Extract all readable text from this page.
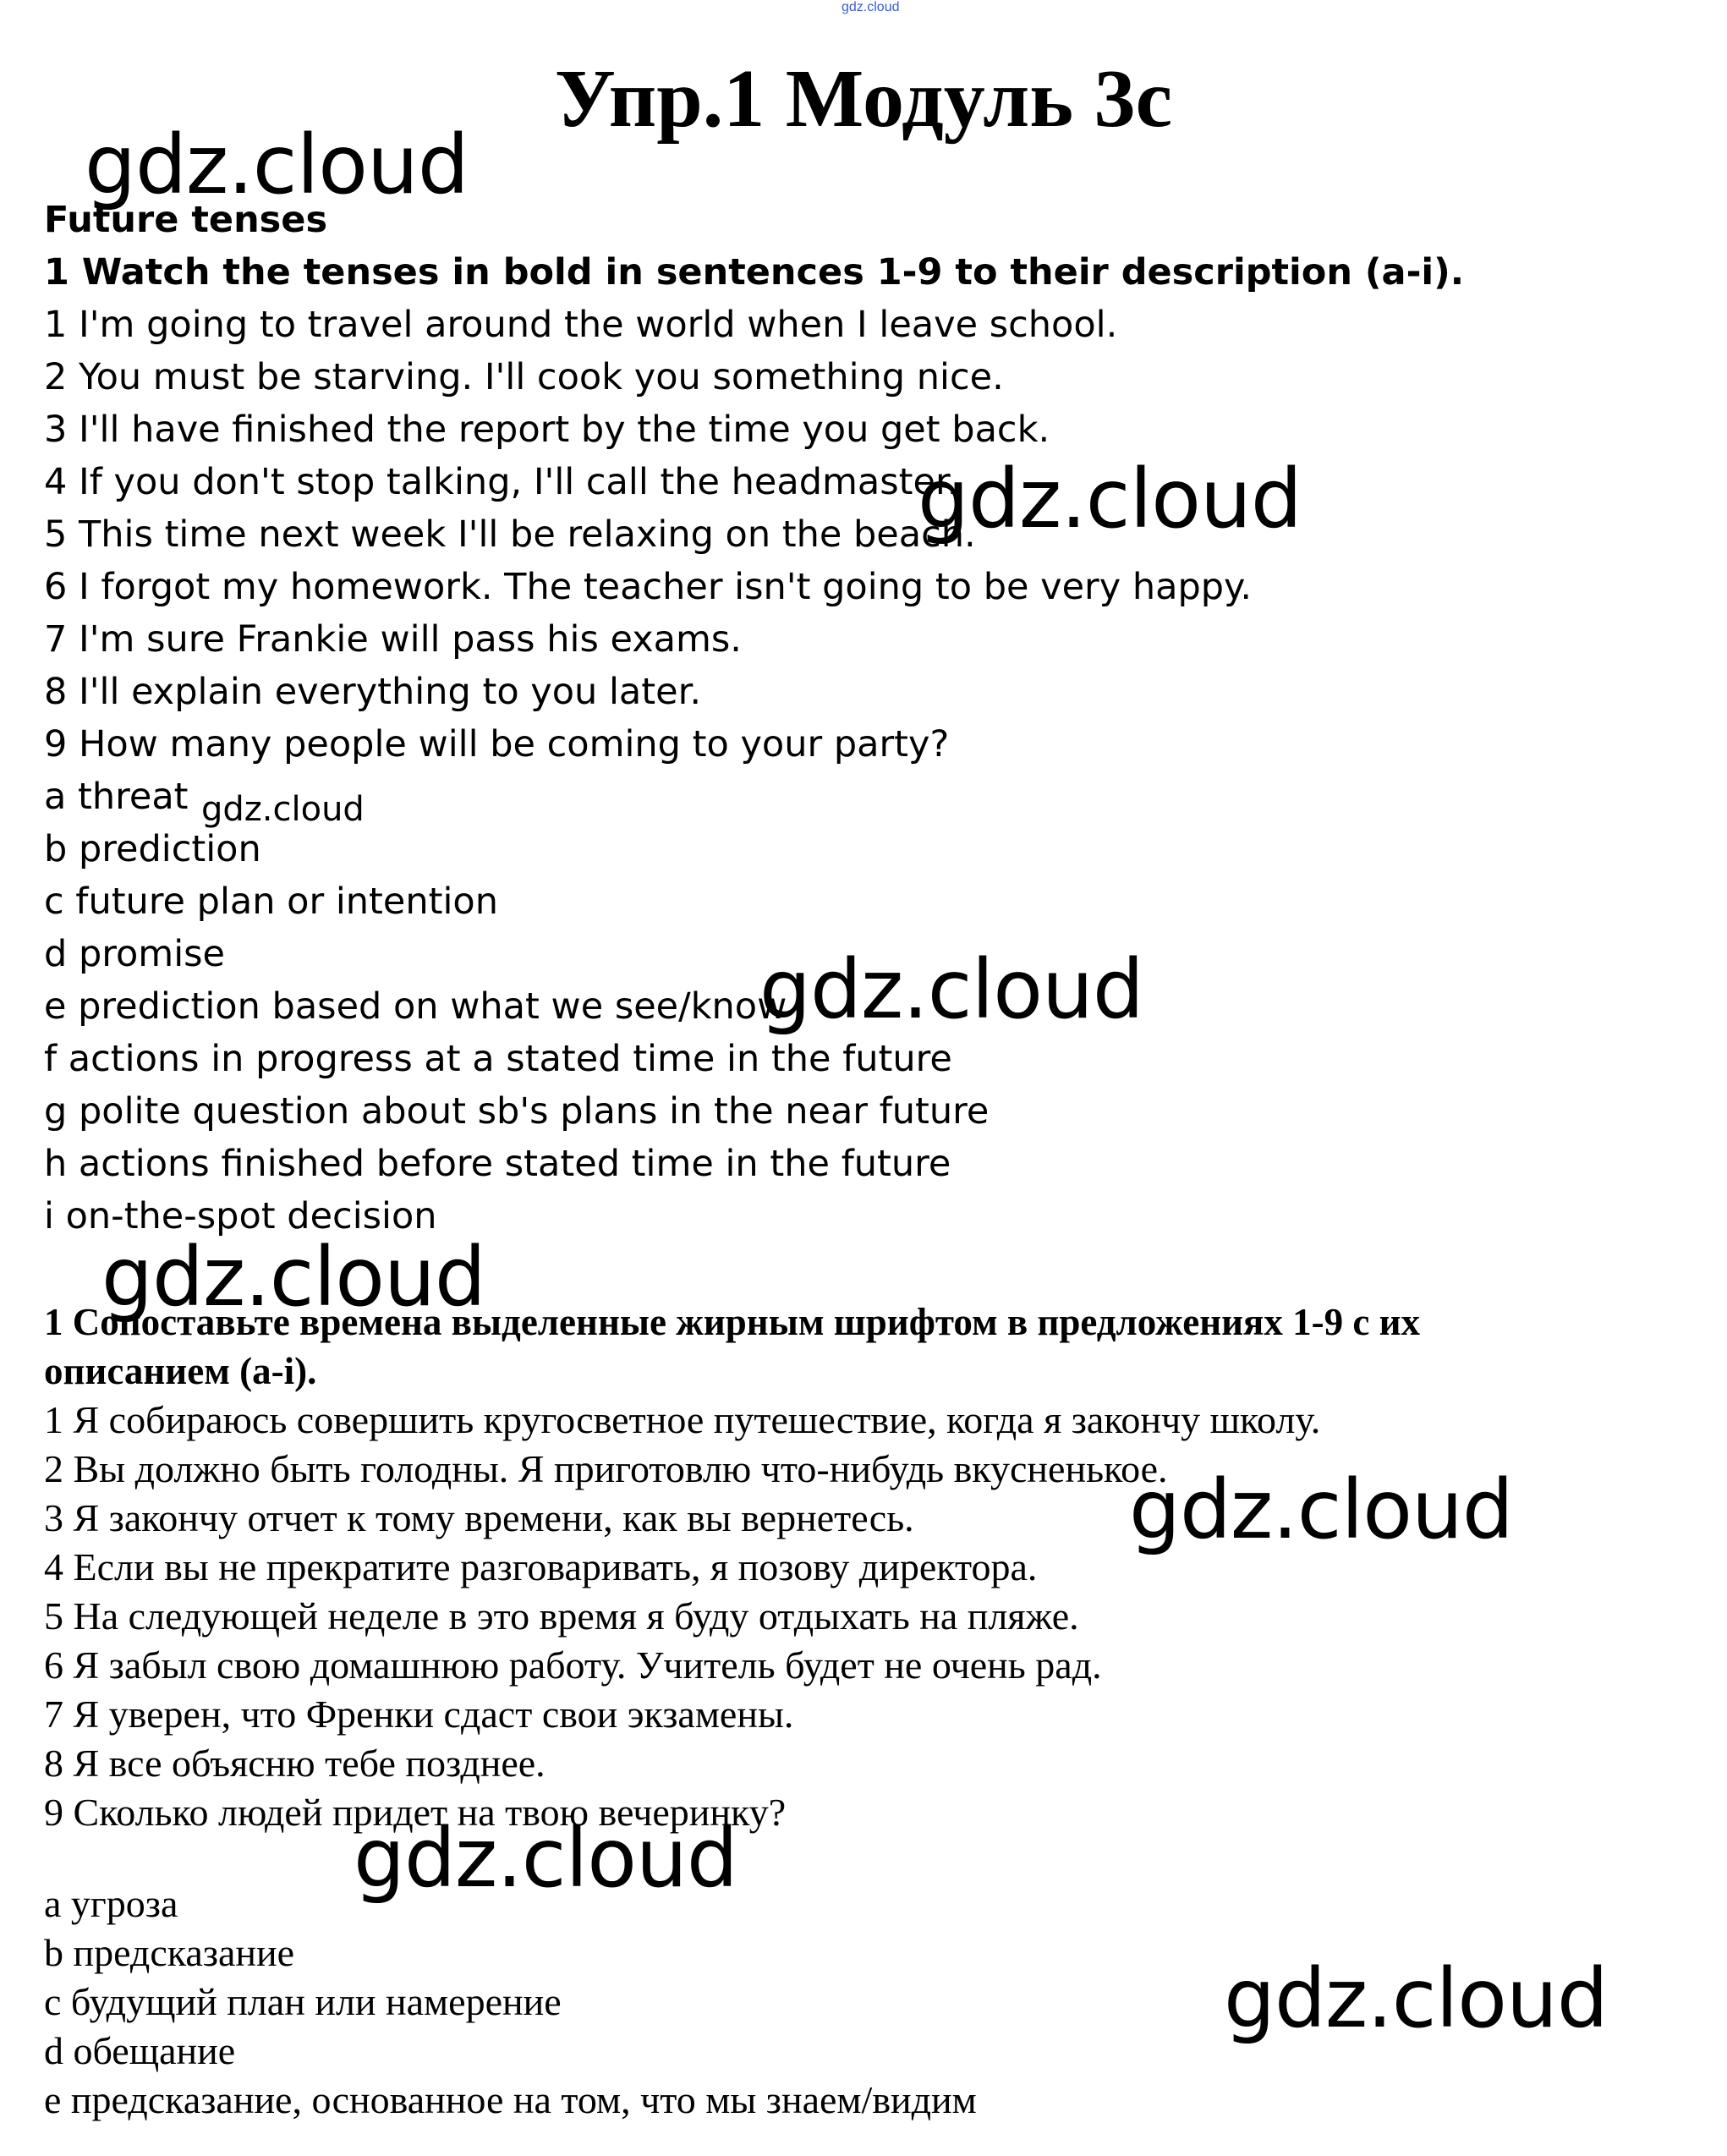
gdz.cloud
Упр.1 Модуль 3с
Future tenses
1 Watch the tenses in bold in sentences 1-9 to their description (a-i).
1 I'm going to travel around the world when I leave school.
2 You must be starving. I'll cook you something nice.
3 I'll have finished the report by the time you get back.
4 If you don't stop talking, I'll call the headmaster.
5 This time next week I'll be relaxing on the beach.
6 I forgot my homework. The teacher isn't going to be very happy.
7 I'm sure Frankie will pass his exams.
8 I'll explain everything to you later.
9 How many people will be coming to your party?
a threat
b prediction
c future plan or intention
d promise
e prediction based on what we see/know
f actions in progress at a stated time in the future
g polite question about sb's plans in the near future
h actions finished before stated time in the future
i on-the-spot decision
1 Сопоставьте времена выделенные жирным шрифтом в предложениях 1-9 с их
описанием (a-i).
1 Я собираюсь совершить кругосветное путешествие, когда я закончу школу.
2 Вы должно быть голодны. Я приготовлю что-нибудь вкусненькое.
3 Я закончу отчет к тому времени, как вы вернетесь.
4 Если вы не прекратите разговаривать, я позову директора.
5 На следующей неделе в это время я буду отдыхать на пляже.
6 Я забыл свою домашнюю работу. Учитель будет не очень рад.
7 Я уверен, что Френки сдаст свои экзамены.
8 Я все объясню тебе позднее.
9 Сколько людей придет на твою вечеринку?
a угроза
b предсказание
c будущий план или намерение
d обещание
e предсказание, основанное на том, что мы знаем/видим
gdz.cloud
gdz.cloud
gdz.cloud
gdz.cloud
gdz.cloud
gdz.cloud
gdz.cloud
gdz.cloud
